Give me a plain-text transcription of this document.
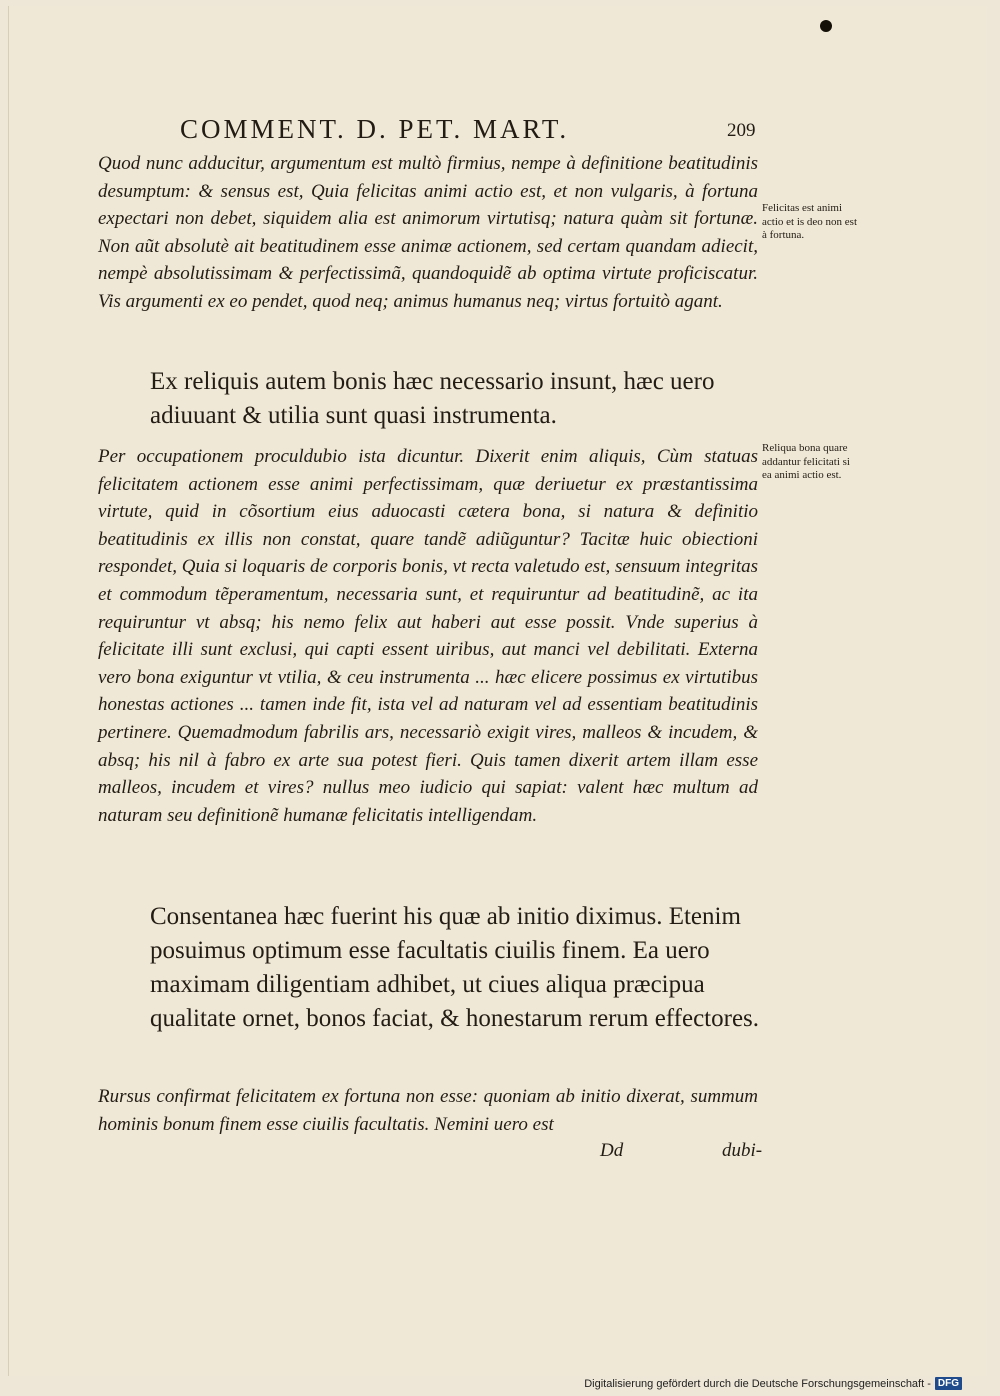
COMMENT. D. PET. MART.	209

Quod nunc adducitur, argumentum est multò firmius, nempe à definitione beatitudinis desumptum: & sensus est, Quia felicitas animi actio est, et non vulgaris, à fortuna expectari non debet, siquidem alia est animorum virtutisq; natura quàm sit fortunæ. Non aũt absolutè ait beatitudinem esse animæ actionem, sed certam quandam adiecit, nempè absolutissimam & perfectissimã, quandoquidẽ ab optima virtute proficiscatur. Vis argumenti ex eo pendet, quod neq; animus humanus neq; virtus fortuitò agant.

Ex reliquis autem bonis hæc necessario insunt, hæc uero adiuuant & utilia sunt quasi instrumenta.

Per occupationem proculdubio ista dicuntur. Dixerit enim aliquis, Cùm statuas felicitatem actionem esse animi perfectissimam, quæ deriuetur ex præstantissima virtute, quid in cõsortium eius aduocasti cætera bona, si natura & definitio beatitudinis ex illis non constat, quare tandẽ adiũguntur? Tacitæ huic obiectioni respondet, Quia si loquaris de corporis bonis, vt recta valetudo est, sensuum integritas et commodum tẽperamentum, necessaria sunt, et requiruntur ad beatitudinẽ, ac ita requiruntur vt absq; his nemo felix aut haberi aut esse possit. Vnde superius à felicitate illi sunt exclusi, qui capti essent uiribus, aut manci vel debilitati. Externa vero bona exiguntur vt vtilia, & ceu instrumenta ... hæc elicere possimus ex virtutibus honestas actiones ... tamen inde fit, ista vel ad naturam vel ad essentiam beatitudinis pertinere. Quemadmodum fabrilis ars, necessariò exigit vires, malleos & incudem, & absq; his nil à fabro ex arte sua potest fieri. Quis tamen dixerit artem illam esse malleos, incudem et vires? nullus meo iudicio qui sapiat: valent hæc multum ad naturam seu definitionẽ humanæ felicitatis intelligendam.

Consentanea hæc fuerint his quæ ab initio diximus. Etenim posuimus optimum esse facultatis ciuilis finem. Ea uero maximam diligentiam adhibet, ut ciues aliqua præcipua qualitate ornet, bonos faciat, & honestarum rerum effectores.

Rursus confirmat felicitatem ex fortuna non esse: quoniam ab initio dixerat, summum hominis bonum finem esse ciuilis facultatis. Nemini uero est

Felicitas est animi actio et is deo non est à fortuna.
Reliqua bona quare addantur felicitati si ea animi actio est.
Dd	dubi-
Digitalisierung gefördert durch die Deutsche Forschungsgemeinschaft - DFG
